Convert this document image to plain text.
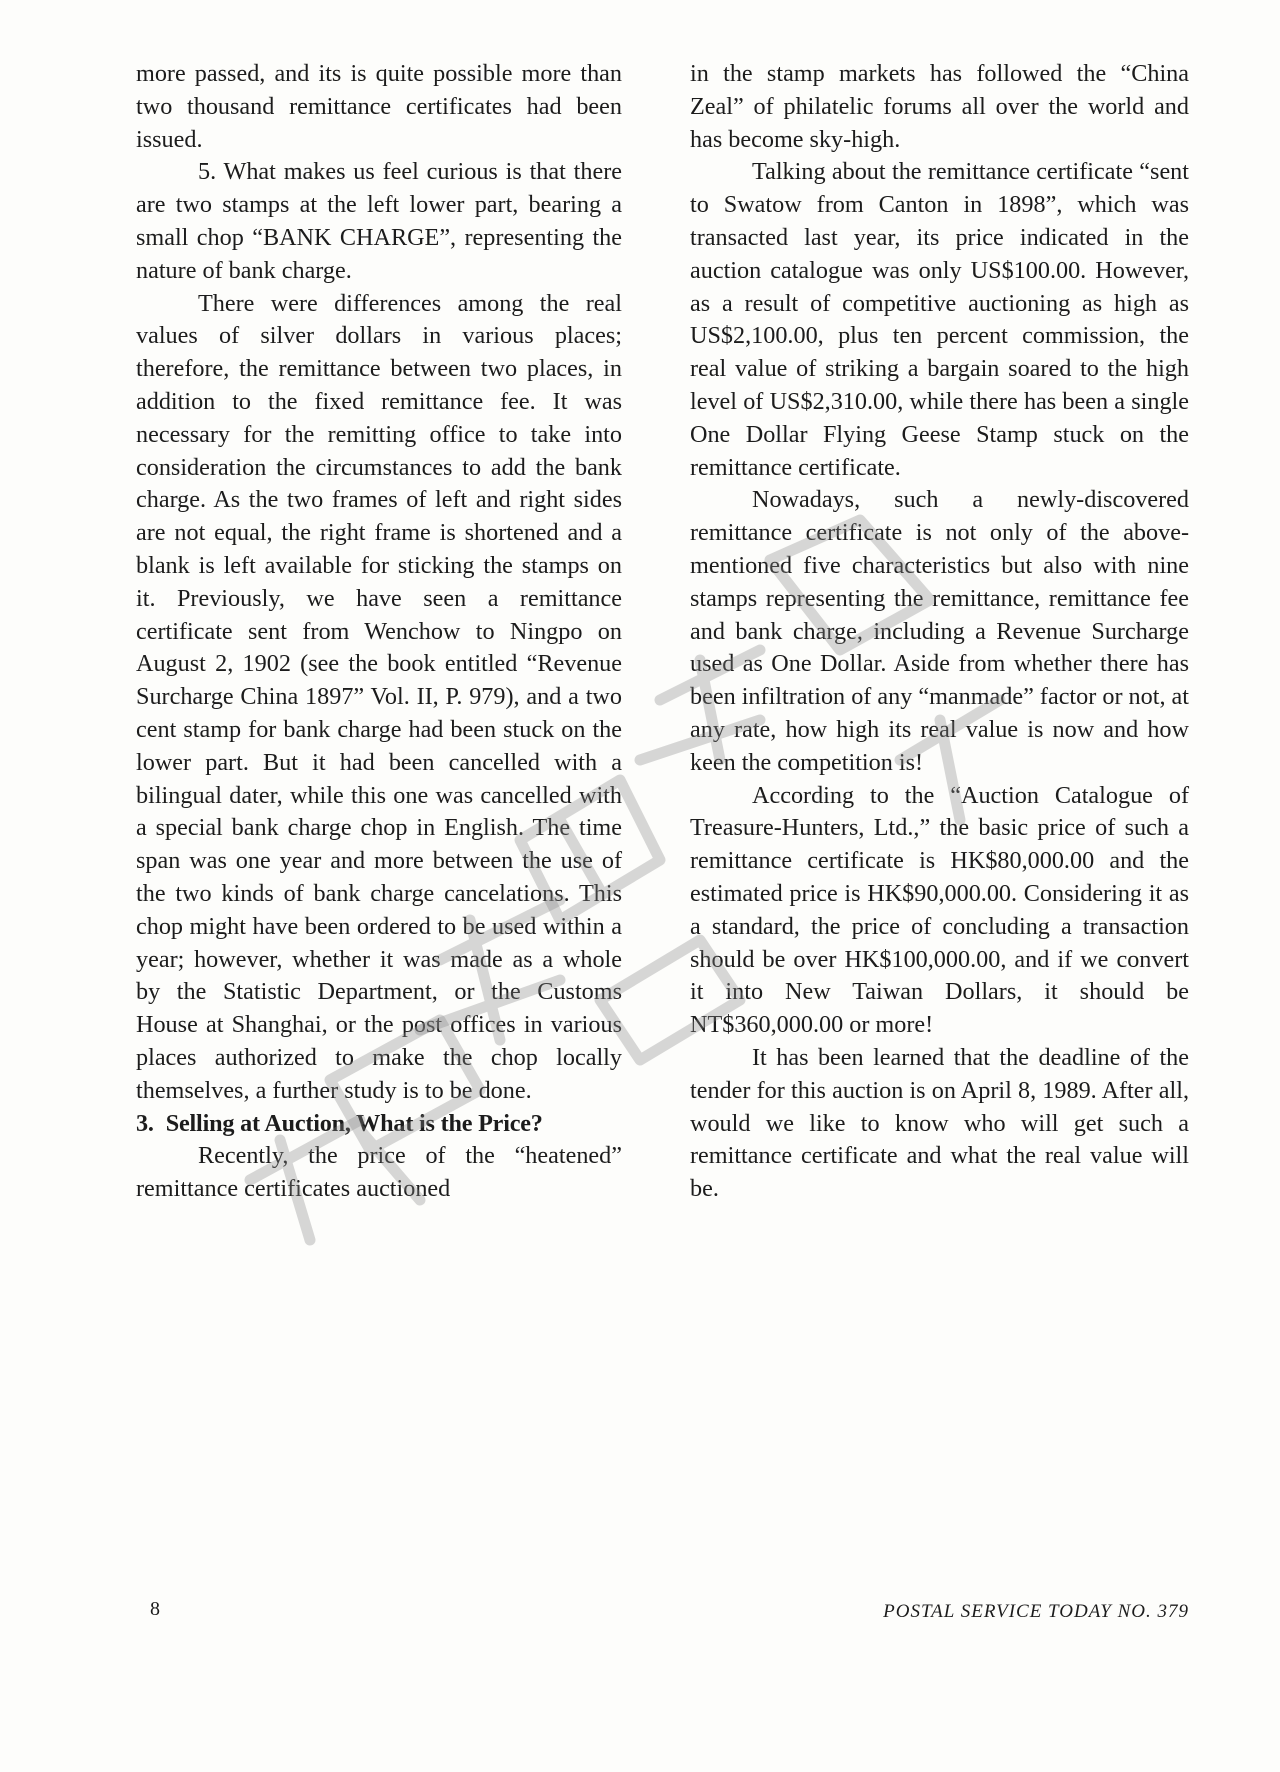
more passed, and its is quite possible more than two thousand remittance certificates had been issued.

5. What makes us feel curious is that there are two stamps at the left lower part, bearing a small chop “BANK CHARGE”, representing the nature of bank charge.

There were differences among the real values of silver dollars in various places; therefore, the remittance between two places, in addition to the fixed remittance fee. It was necessary for the remitting office to take into consideration the circumstances to add the bank charge. As the two frames of left and right sides are not equal, the right frame is shortened and a blank is left available for sticking the stamps on it. Previously, we have seen a remittance certificate sent from Wenchow to Ningpo on August 2, 1902 (see the book entitled “Revenue Surcharge China 1897” Vol. II, P. 979), and a two cent stamp for bank charge had been stuck on the lower part. But it had been cancelled with a bilingual dater, while this one was cancelled with a special bank charge chop in English. The time span was one year and more between the use of the two kinds of bank charge cancelations. This chop might have been ordered to be used within a year; however, whether it was made as a whole by the Statistic Department, or the Customs House at Shanghai, or the post offices in various places authorized to make the chop locally themselves, a further study is to be done.

3. Selling at Auction, What is the Price?

Recently, the price of the “heatened” remittance certificates auctioned

in the stamp markets has followed the “China Zeal” of philatelic forums all over the world and has become sky-high.

Talking about the remittance certificate “sent to Swatow from Canton in 1898”, which was transacted last year, its price indicated in the auction catalogue was only US$100.00. However, as a result of competitive auctioning as high as US$2,100.00, plus ten percent commission, the real value of striking a bargain soared to the high level of US$2,310.00, while there has been a single One Dollar Flying Geese Stamp stuck on the remittance certificate.

Nowadays, such a newly-discovered remittance certificate is not only of the above-mentioned five characteristics but also with nine stamps representing the remittance, remittance fee and bank charge, including a Revenue Surcharge used as One Dollar. Aside from whether there has been infiltration of any “manmade” factor or not, at any rate, how high its real value is now and how keen the competition is!

According to the “Auction Catalogue of Treasure-Hunters, Ltd.,” the basic price of such a remittance certificate is HK$80,000.00 and the estimated price is HK$90,000.00. Considering it as a standard, the price of concluding a transaction should be over HK$100,000.00, and if we convert it into New Taiwan Dollars, it should be NT$360,000.00 or more!

It has been learned that the deadline of the tender for this auction is on April 8, 1989. After all, would we like to know who will get such a remittance certificate and what the real value will be.

8	POSTAL SERVICE TODAY NO. 379
